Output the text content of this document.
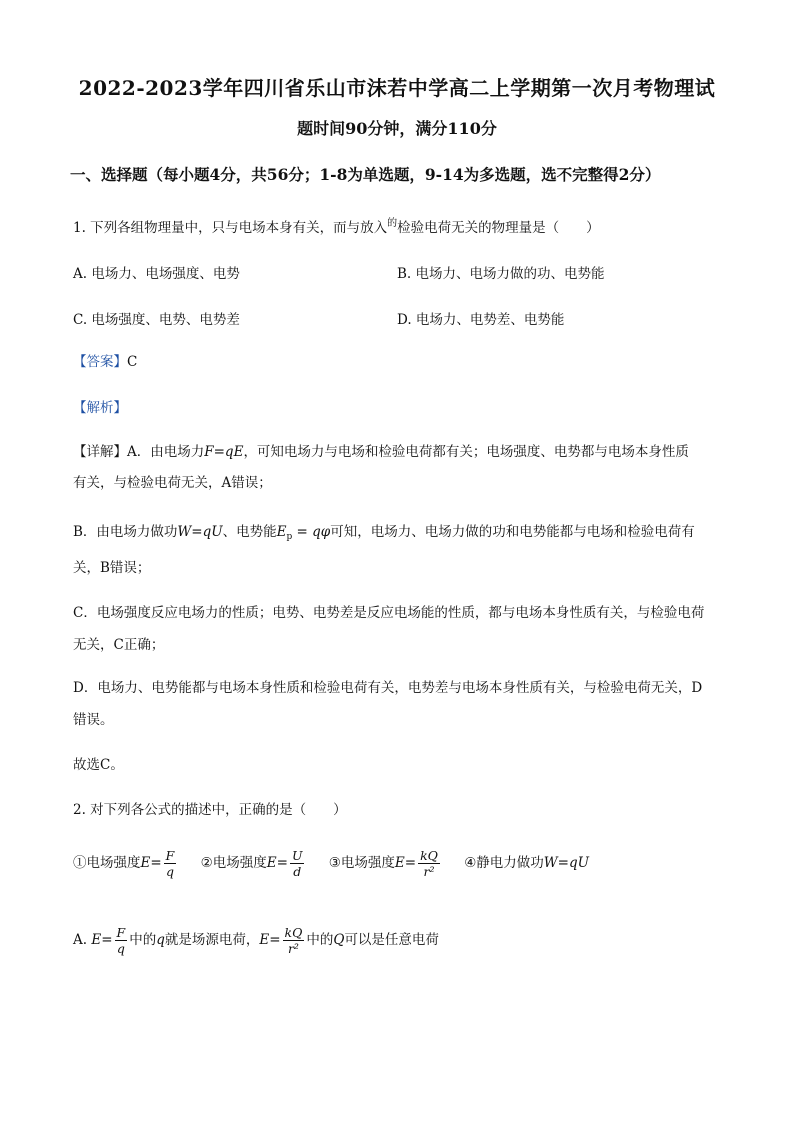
2022-2023学年四川省乐山市沫若中学高二上学期第一次月考物理试
题时间90分钟，满分110分
一、选择题（每小题4分，共56分；1-8为单选题，9-14为多选题，选不完整得2分）
1. 下列各组物理量中，只与电场本身有关，而与放入$^的$检验电荷无关的物理量是（　　）
A. 电场力、电场强度、电势	B. 电场力、电场力做的功、电势能
C. 电场强度、电势、电势差	D. 电场力、电势差、电势能
【答案】C
【解析】
【详解】A．由电场力F=qE，可知电场力与电场和检验电荷都有关；电场强度、电势都与电场本身性质
有关，与检验电荷无关，A错误；
B．由电场力做功W=qU、电势能$E_p = q\varphi$可知，电场力、电场力做的功和电势能都与电场和检验电荷有
关，B错误；
C．电场强度反应电场力的性质；电势、电势差是反应电场能的性质，都与电场本身性质有关，与检验电荷
无关，C正确；
D．电场力、电势能都与电场本身性质和检验电荷有关，电势差与电场本身性质有关，与检验电荷无关，D
错误。
故选C。
2. 对下列各公式的描述中，正确的是（　　）
①电场强度$E= \frac{F}{q}$ ②电场强度$E= \frac{U}{d}$ ③电场强度$E= \frac{kQ}{\text{r²}}$ ④静电力做功W=qU
A. $E= \frac{F}{q}$ 中的q就是场源电荷，$E= \frac{kQ}{\text{r²}}$ 中的Q可以是任意电荷
